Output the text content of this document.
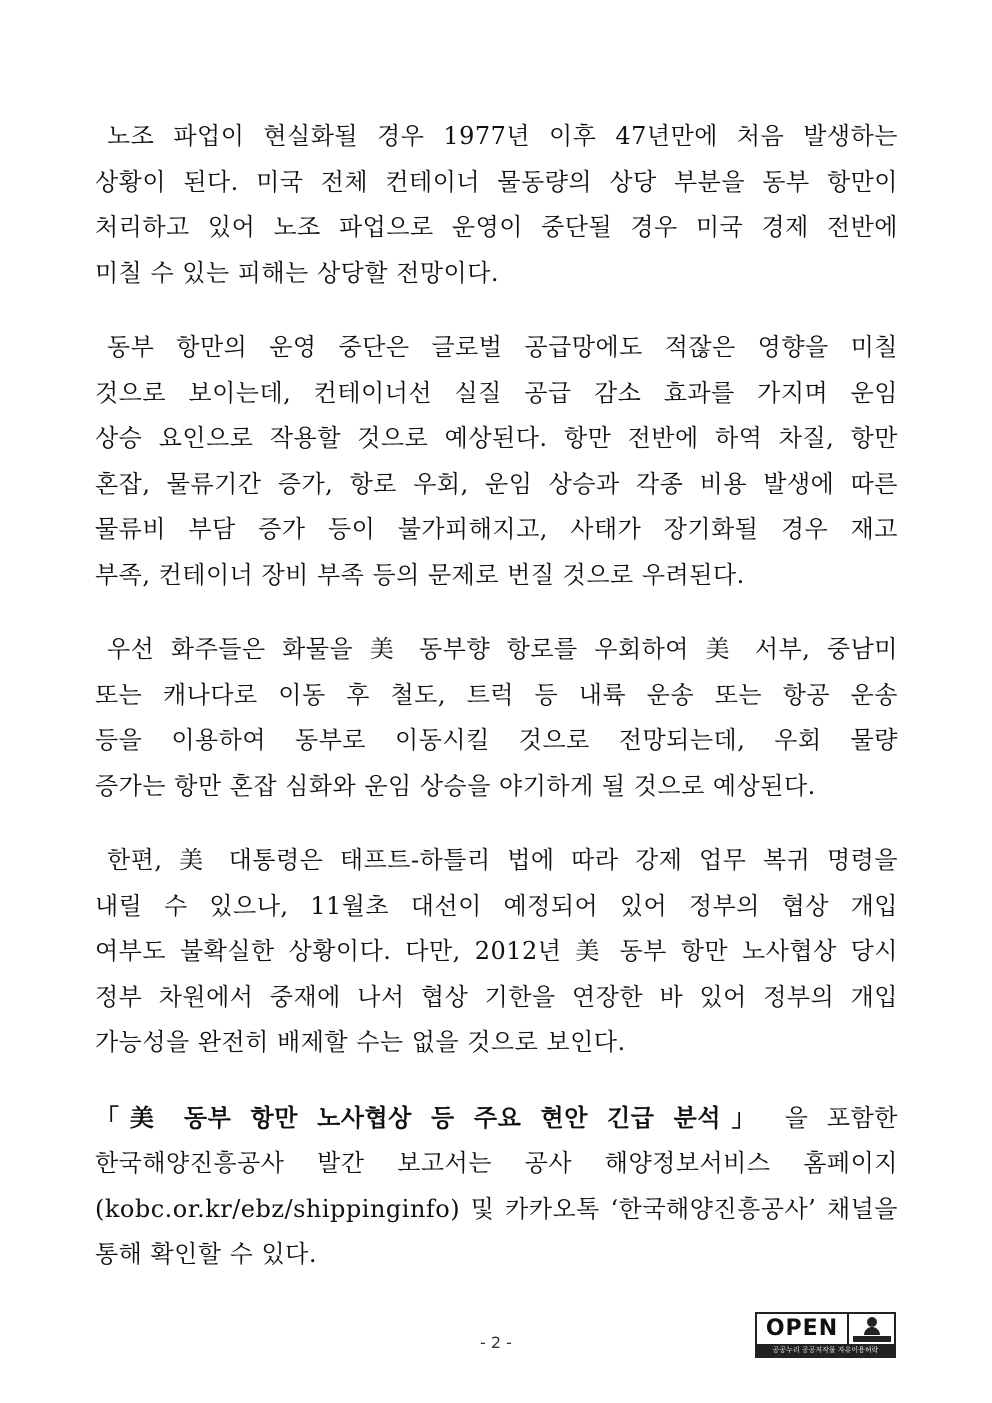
노조 파업이 현실화될 경우 1977년 이후 47년만에 처음 발생하는
상황이 된다. 미국 전체 컨테이너 물동량의 상당 부분을 동부 항만이
처리하고 있어 노조 파업으로 운영이 중단될 경우 미국 경제 전반에
미칠 수 있는 피해는 상당할 전망이다.
동부 항만의 운영 중단은 글로벌 공급망에도 적잖은 영향을 미칠
것으로 보이는데, 컨테이너선 실질 공급 감소 효과를 가지며 운임
상승 요인으로 작용할 것으로 예상된다. 항만 전반에 하역 차질, 항만
혼잡, 물류기간 증가, 항로 우회, 운임 상승과 각종 비용 발생에 따른
물류비 부담 증가 등이 불가피해지고, 사태가 장기화될 경우 재고
부족, 컨테이너 장비 부족 등의 문제로 번질 것으로 우려된다.
우선 화주들은 화물을 美 동부향 항로를 우회하여 美 서부, 중남미
또는 캐나다로 이동 후 철도, 트럭 등 내륙 운송 또는 항공 운송
등을 이용하여 동부로 이동시킬 것으로 전망되는데, 우회 물량
증가는 항만 혼잡 심화와 운임 상승을 야기하게 될 것으로 예상된다.
한편, 美 대통령은 태프트-하틀리 법에 따라 강제 업무 복귀 명령을
내릴 수 있으나, 11월초 대선이 예정되어 있어 정부의 협상 개입
여부도 불확실한 상황이다. 다만, 2012년 美 동부 항만 노사협상 당시
정부 차원에서 중재에 나서 협상 기한을 연장한 바 있어 정부의 개입
가능성을 완전히 배제할 수는 없을 것으로 보인다.
「美 동부 항만 노사협상 등 주요 현안 긴급 분석」 을 포함한
한국해양진흥공사 발간 보고서는 공사 해양정보서비스 홈페이지
(kobc.or.kr/ebz/shippinginfo) 및 카카오톡 ‘한국해양진흥공사’ 채널을
통해 확인할 수 있다.
- 2 -
OPEN
공공누리 공공저작물 자유이용허락
